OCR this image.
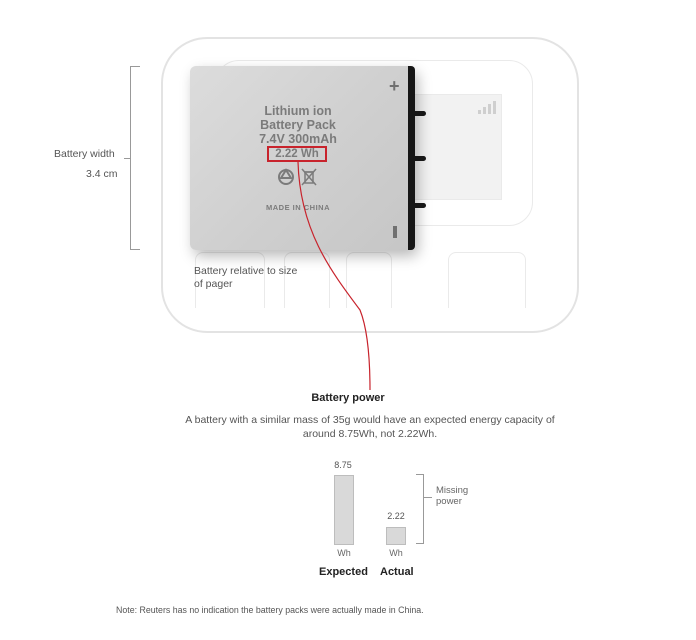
Battery width
3.4 cm
Battery relative to size of pager
+
Lithium ion
Battery Pack
7.4V 300mAh
2.22 Wh
MADE IN CHINA
Battery power
A battery with a similar mass of 35g would have an expected energy capacity of around 8.75Wh, not 2.22Wh.
8.75
Wh
Expected
2.22
Wh
Actual
Missing power
Note: Reuters has no indication the battery packs were actually made in China.
